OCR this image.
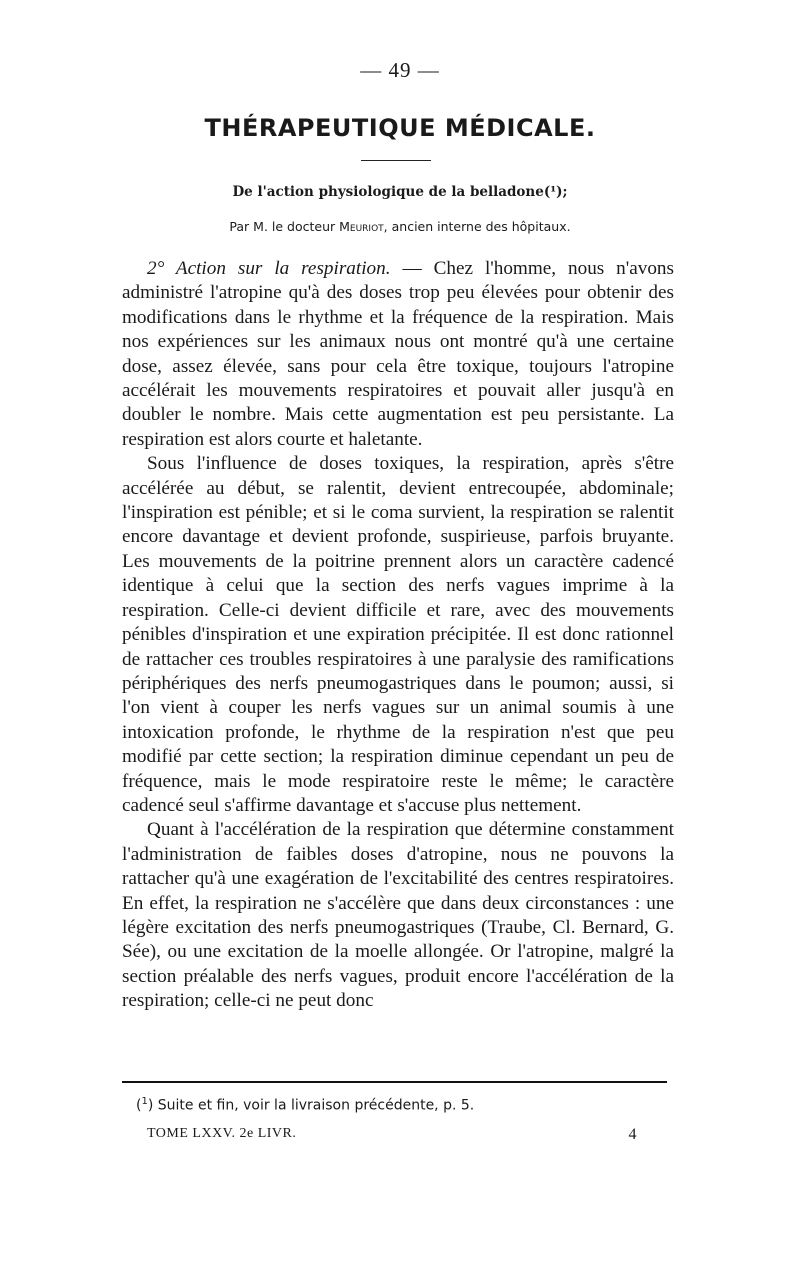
— 49 —
THÉRAPEUTIQUE MÉDICALE.
De l'action physiologique de la belladone(¹);
Par M. le docteur Meuriot, ancien interne des hôpitaux.

2° Action sur la respiration. — Chez l'homme, nous n'avons administré l'atropine qu'à des doses trop peu élevées pour obtenir des modifications dans le rhythme et la fréquence de la respiration. Mais nos expériences sur les animaux nous ont montré qu'à une certaine dose, assez élevée, sans pour cela être toxique, toujours l'atropine accélérait les mouvements respiratoires et pouvait aller jusqu'à en doubler le nombre. Mais cette augmentation est peu persistante. La respiration est alors courte et haletante.

Sous l'influence de doses toxiques, la respiration, après s'être accélérée au début, se ralentit, devient entrecoupée, abdominale; l'inspiration est pénible; et si le coma survient, la respiration se ralentit encore davantage et devient profonde, suspirieuse, parfois bruyante. Les mouvements de la poitrine prennent alors un caractère cadencé identique à celui que la section des nerfs vagues imprime à la respiration. Celle-ci devient difficile et rare, avec des mouvements pénibles d'inspiration et une expiration précipitée. Il est donc rationnel de rattacher ces troubles respiratoires à une paralysie des ramifications périphériques des nerfs pneumogastriques dans le poumon; aussi, si l'on vient à couper les nerfs vagues sur un animal soumis à une intoxication profonde, le rhythme de la respiration n'est que peu modifié par cette section; la respiration diminue cependant un peu de fréquence, mais le mode respiratoire reste le même; le caractère cadencé seul s'affirme davantage et s'accuse plus nettement.

Quant à l'accélération de la respiration que détermine constamment l'administration de faibles doses d'atropine, nous ne pouvons la rattacher qu'à une exagération de l'excitabilité des centres respiratoires. En effet, la respiration ne s'accélère que dans deux circonstances : une légère excitation des nerfs pneumogastriques (Traube, Cl. Bernard, G. Sée), ou une excitation de la moelle allongée. Or l'atropine, malgré la section préalable des nerfs vagues, produit encore l'accélération de la respiration; celle-ci ne peut donc

($^1$) Suite et fin, voir la livraison précédente, p. 5.
TOME LXXV. 2e LIVR.	4
